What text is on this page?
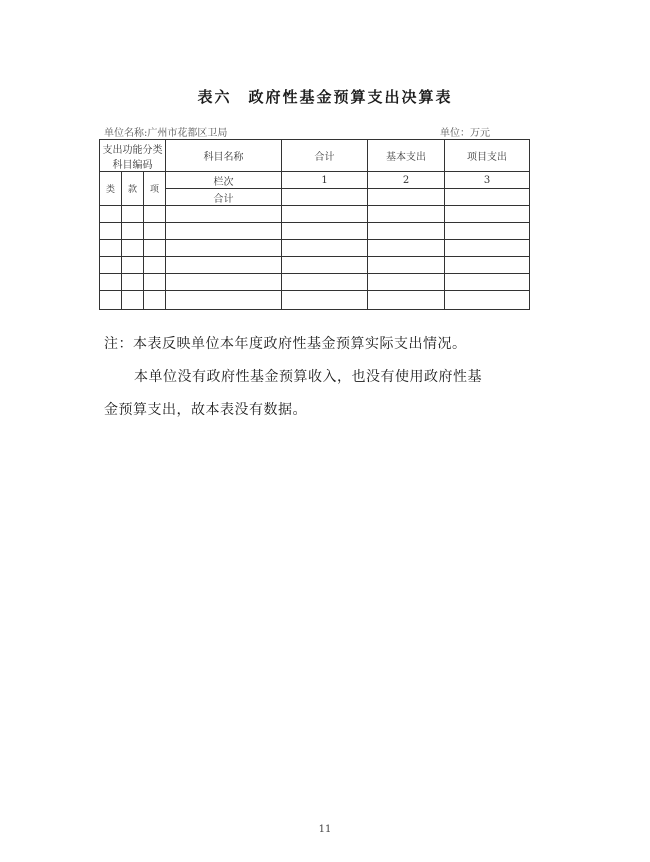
表六　政府性基金预算支出决算表
单位名称:广州市花都区卫局	单位：万元
支出功能分类科目编码			科目名称	合计	基本支出	项目支出
类	款	项	栏次	1	2	3
			合计			

注：本表反映单位本年度政府性基金预算实际支出情况。
本单位没有政府性基金预算收入，也没有使用政府性基
金预算支出，故本表没有数据。
11
